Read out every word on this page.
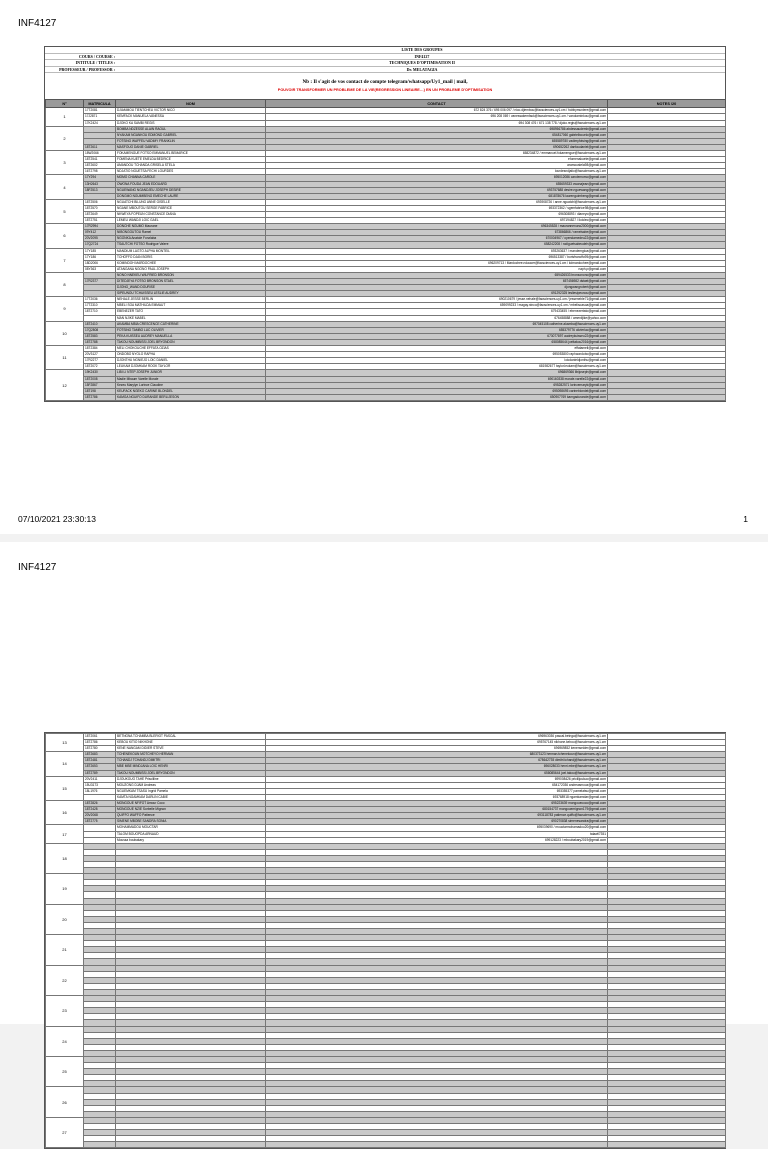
INF4127
LISTE DES GROUPES
COURS / COURSE :	INF4127
INTITULE / TITLES :	TECHNIQUES D'OPTIMISATION II
PROFESSEUR / PROFESSOR :	Dr. MELATAGIA
Nb : Il s'agit de vos contact de compte telegram/whatsapp/Uy1_mail | mail,
POUVOIR TRANSFORMER UN PROBLEME DE LA VIE(REGRESSION LINEAIRE…) EN UN PROBLEME D'OPTIMISATION
N°	MATRICULA	NOM	CONTACT	NOTES /20
1	17T2081	DJIAMMOU TIENTCHEU VICTOR NICO	672 824 376 / 695 006 097 / nico.djiembou@facsciences-uy1.cm / hobbymuniere@gmail.com	
	17J2871	KEMFACK MANUELA VANESSA	696 208 069 / vanessakemfack@facsciences-uy1.cm / vanolaminkou@gmail.com	
	17K2424	DJOKO KA SAMBI REGIS	694 308 476 / 671 138 778 / djoko.regis@facsciences-uy1.cm	
2		BOMBA NDZESSE ALAIN RAOUL	698956786 abdessaudemb@gmail.com	
		NYAKAM NGANKOU EDMOND GABRIEL	654817060 gabrielbouelo@gmail.com	
		FOTSING WAFFEU VADIMY FRANKLIN	655589780 vadimyfotsing@gmail.com	
	18T2611	MASFOUO DANIE GABRIEL	690652262 danfaudaniel@gmail.com	
3	18W2066	FOKAMENGUE FOTSO EMMANUEL BEMARICE	658234872 / emmanuel.fokamengue@facsciences-uy1.cm	
	18T2541	FOMENA KUETE EMELDA BEDRICE	efomenakuete@gmail.com	
	18T2602	AMANDOU TCHANDA GRISELA STELA	aramoustela98@gmail.com	
	16T2798	NDJATIO NGUETSA FECHI LOURDES	lourdesndjatio@facsciences-uy1.cm	
4	17Y294	MOMO CHANNA CAROLE	695012086 carolemomo@gmail.com	
	13H2643	OWONA FOUDA JEAN EDOUARD	655659333 owonajean@gmail.com	
	18F2513	NGUEWANG NGANDJEU JOSEPH DESIRE	693757688 desire.nguewang@gmail.com	
		DONGMO NGUIMBENG EMECHE LAURE	681878676 laurenguimbeng@gmail.com	
5	18T2506	NGUATCHI BILUNG ANNE GISELLE	693908726 / anne.nguatchi@facsciences-uy1.cm	
	18T2570	NGANE MBOUTOU SERGE FABRICE	693372362 / sgemfabrice98@gmail.com	
	18T2649	NKWEYA FOPEUN CONSTANCE DIANA	696308893 / dianeyo@gmail.com	
	18T2751	LEMEU WANDJI LOIC GAEL	697194827 / lloiclec@gmail.com	
6	17R2994	DONCHE NGUMO Maurane	696345528 / maurannenuno2000@gmail.com	
	09Y412	NIBONGOUTOU Ramel	673866866 / ramelsabe@gmail.com	
	20V2095	NGONKA Anatole Fonzlaba	670004967 / opendamedeu22@gmail.com	
	17Q2724	TSAUTCHI FOTSO Rodrigue Valere	658242208 / rodiguetsabeudeh@gmail.com	
7	17Y185	MANDIUM LAGTO ALPHA MONTEIL	693263637 / mandemgtoa@gmail.com	
	17Y186	TCHOFFO DJAN BORIS	696513387 / borisfrancffo95@gmail.com	
	18D2006	KOMINDOH MARDOCHEE	696209713 / Mardochee.ndaucer@facsciences-uy1.cm / kdmardochee@gmail.com	
	08Y363	ATANGANA NGONO PAUL JOSEPH	naph.p@gmail.com	
8		NONO NNEKEU WILFRIED BRONSON	659426533 bronsonono@gmail.com	
	17R2377	DITEDJEYA FOTSO BRONSON STAEL	657456982 dstael@gmail.com	
		DJONG_WAND DOURISE	djongwangrobert@gmail.com	
		SIPEUNOU TCHUISSEU LESLIE AUDREY	691292325 lesliesipeunou@gmail.com	
9	17T2036	NEHALE JESSE BERLIN	690210679 / jesse.nehale@facsciences-uy1.cm / jesseneble71@gmail.com	
	17T2310	MBELI SOA MATHILDA EMMAUT	659099233 / magay.ninco@facsciences-uy1.cm / mbelisoasoa@gmail.com	
	18T2710	EBENEZER TATO	679433455 / ebenezertato@gmail.com	
		MAN NJIKE MABEL	676458888 / ameniijike@yahoo.com	
10	18T2410	AKAMBA MBIA CRESCENCE CATHERINE	697045108 catherine.akamba@facsciences-uy1.cm	
	17Q2808	FOTSING TAMBO LUC OLIVIER	655379776 olivierluc@gmail.com	
	18T2583	PEKA KUISSEU AUDREY MANUELLA	673077897 audreykuisseu22@gmail.com	
	18T2788	TAKOU NOUMBISSI JOEL BRYONDON	658085644 joeltakou2016@gmail.com	
11	18T2384	MELI CHOKOUCHE EFFATA OZIAS	effatameli@gmail.com	
	20V3127	ONDOBO NYOLO RAPHA	695053800 raphaondobo@gmail.com	
	17R2277	DJONTHU NGNIEJO LOIC DANIEL	loicdanieldjonthu@gmail.com	
	18T2072	LEUKAM DJOMKAM ROOK TAYLOR	681982677 taylor.leukam@facsciences-uy1.cm	
12	19K2430	LIBI LI NTEP JOSEPH JUNIOR	696869366 libijoseph@gmail.com	
	18T2008	Madie Mbaum Varelle Morale	690160338 morale.varelle22@gmail.com	
	15F2867	Kezeu Marylyn Lorince Claudine	695282571 lorincemaryk@gmail.com	
	18T198	KEUFACK NGEKO CARINE BLONDEL	695098695 carineblondel@gmail.com	
	18T2786	KAMGA NGUIFO DURANDE BERLIJESON	650907769 kamgadurande@gmail.com	
07/10/2021 23:30:13	1
INF4127
13	18T2061	BETNGNA TCHAMBA BLERIOT PASCAL	696963036 pascal.betnga@facsciences-uy1.cm	
	18T2786	KEBOU KITIO NIKHONE	695767145 nikhone.kebou@facsciences-uy1.cm	
	18T2780	KENE NANGAM DIDIER STEVE	696969852 kenenseider@gmail.com	
14	18T2683	TCHENEKOUN MOTCHEYO HERMAN	680373123 herman.tchenekoun@facsciences-uy1.cm	
	18T2481	TCHANDJ TCHANDJ DIMITRI	678642735 dimitri.tchandj@facsciences-uy1.cm	
	18T2653	MBE MBE MINDJANA LOIC HENRI	696028033 henri.mbe@facsciences-uy1.cm	
	18T2789	TAKOU NOUMBISSI JOEL BRYONDON	658085644 joel.takou@facsciences-uy1.cm	
15	20V2411	DJOUKOUO TAHE Priscilline	699008426 pricilljoukuo@gmail.com	
	15U3173	MOUZONG DJAM Andreas	654172036 andreasmouz@gmail.com	
	18L1976	NGUEMKAM TSASU Ingrid Pamela	693355377 pamelatsu@gmail.com	
		KAMTA NGAMKAM DARLIN CABIE	693768918 ngamkamdar@gmail.com	
16	18T2826	MONGOUE NFIFOT Amour Coco	695223639 mongouecoco@gmail.com	
	18T2428	MONGOUE NZIE Sorbelle Mignon	680154737 mongouemignon179@gmail.com	
	20V2068	QUIFFO WAFFO Patience	693118783 patience.quiffo@facsciences-uy1.cm	
	18T2775	SIMENE MBOBE SANDRA SONIA	690270838 simenesandra@gmail.com	
17		MOHAMMADOU MOUCTAR	695039690 / mouctarmohamadou20@gmail.com	
		TALOM BOUOPDA ARNAUD	talawil7351	
		Moussa boubakary	699128223 / mboubakary2019@gmail.com	
18				

19				

20				

21				

22				

23				

24				

25				

26				

27				
